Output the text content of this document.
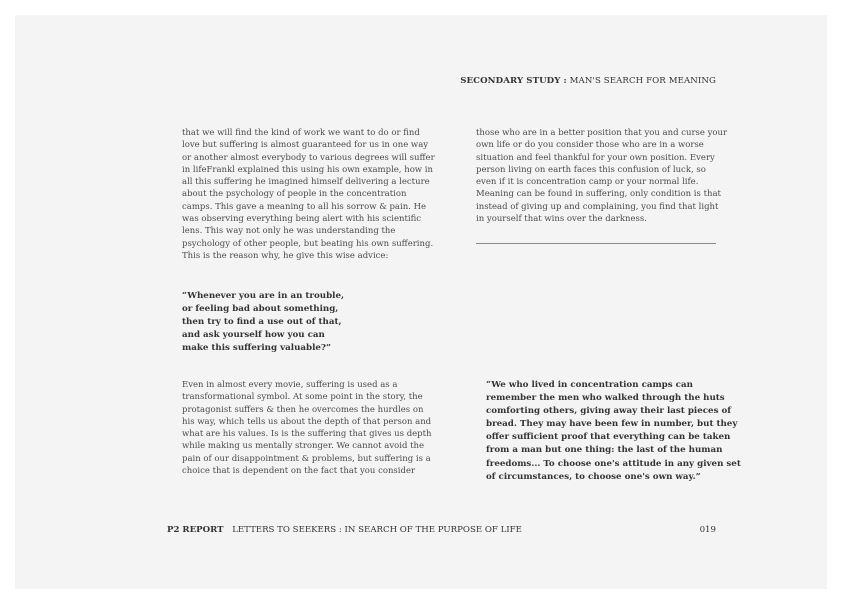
SECONDARY STUDY : MAN'S SEARCH FOR MEANING
that we will find the kind of work we want to do or find
love but suffering is almost guaranteed for us in one way
or another almost everybody to various degrees will suffer
in lifeFrankl explained this using his own example, how in
all this suffering he imagined himself delivering a lecture
about the psychology of people in the concentration
camps. This gave a meaning to all his sorrow & pain. He
was observing everything being alert with his scientific
lens. This way not only he was understanding the
psychology of other people, but beating his own suffering.
This is the reason why, he give this wise advice:
“Whenever you are in an trouble,
or feeling bad about something,
then try to find a use out of that,
and ask yourself how you can
make this suffering valuable?”
Even in almost every movie, suffering is used as a
transformational symbol. At some point in the story, the
protagonist suffers & then he overcomes the hurdles on
his way, which tells us about the depth of that person and
what are his values. Is is the suffering that gives us depth
while making us mentally stronger. We cannot avoid the
pain of our disappointment & problems, but suffering is a
choice that is dependent on the fact that you consider
those who are in a better position that you and curse your
own life or do you consider those who are in a worse
situation and feel thankful for your own position. Every
person living on earth faces this confusion of luck, so
even if it is concentration camp or your normal life.
Meaning can be found in suffering, only condition is that
instead of giving up and complaining, you find that light
in yourself that wins over the darkness.
“We who lived in concentration camps can
remember the men who walked through the huts
comforting others, giving away their last pieces of
bread. They may have been few in number, but they
offer sufficient proof that everything can be taken
from a man but one thing: the last of the human
freedoms... To choose one's attitude in any given set
of circumstances, to choose one's own way.”
P2 REPORT LETTERS TO SEEKERS : IN SEARCH OF THE PURPOSE OF LIFE	019
